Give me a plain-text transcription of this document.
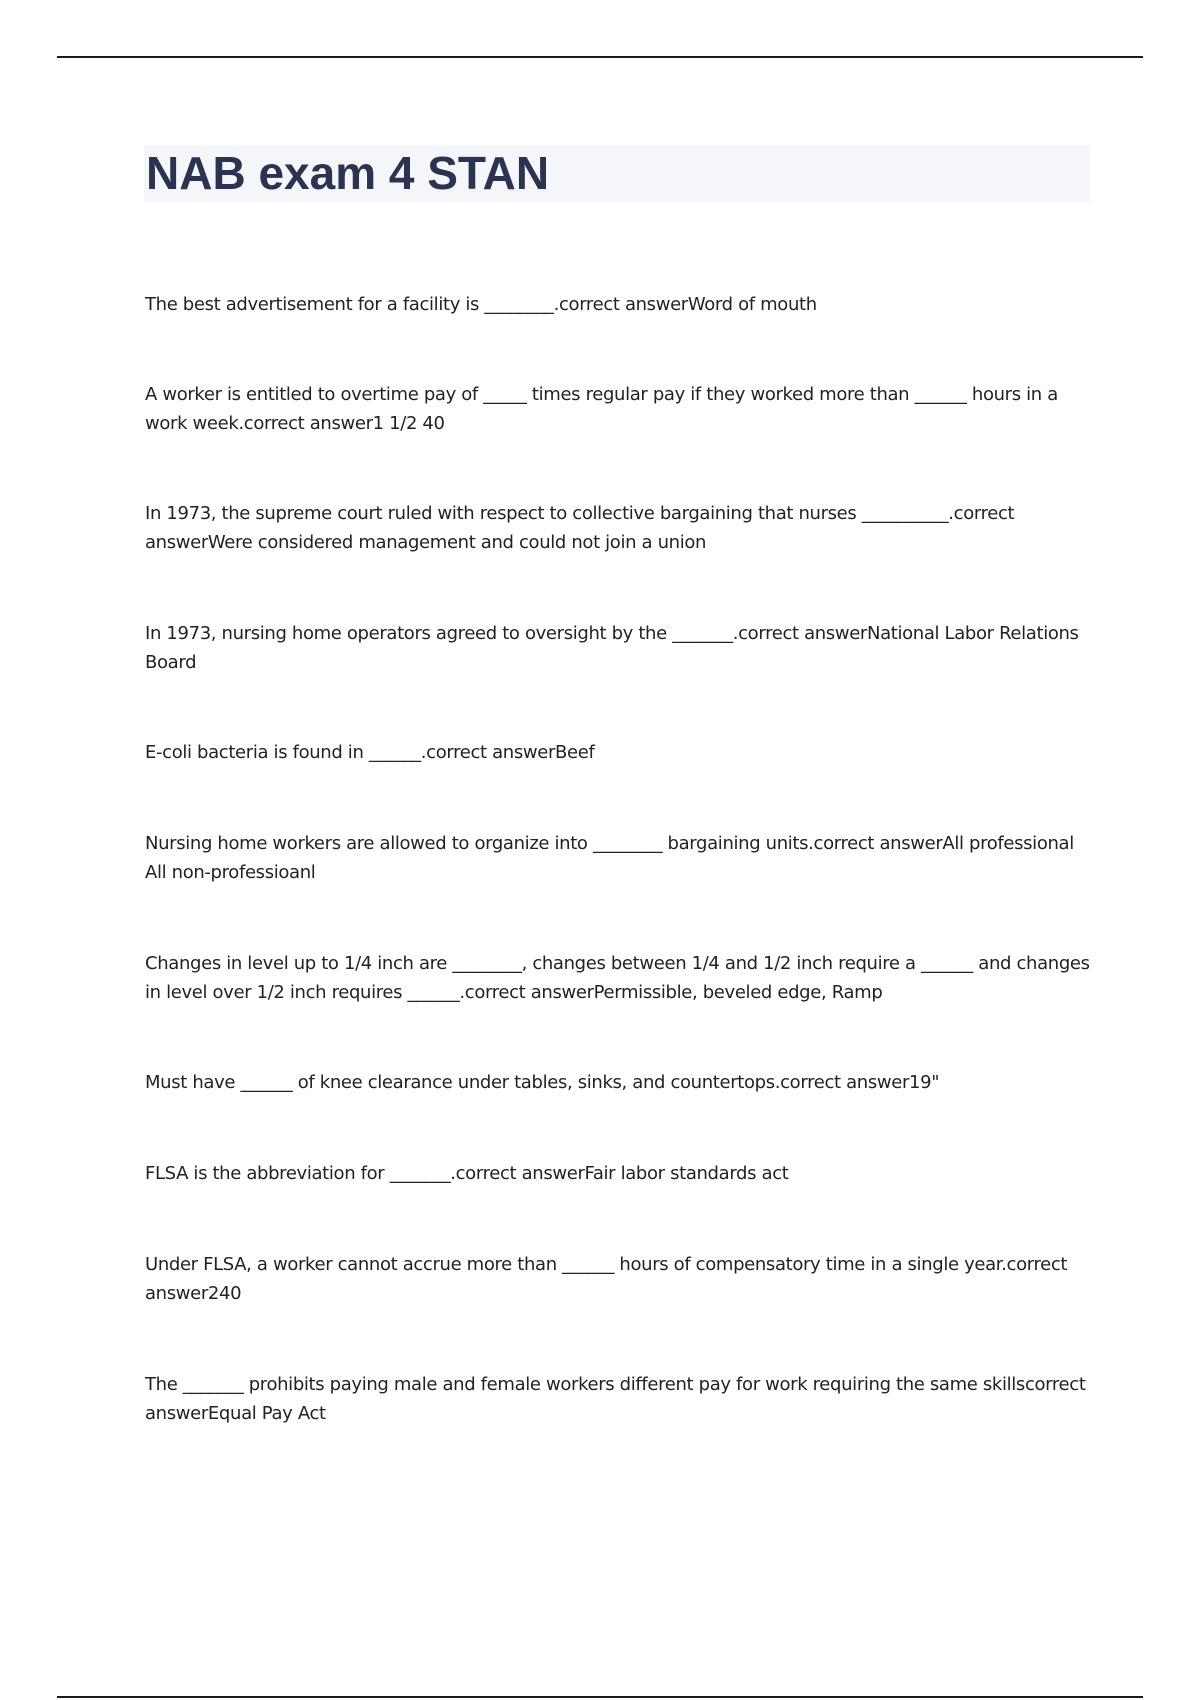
NAB exam 4 STAN

The best advertisement for a facility is ________.correct answerWord of mouth

A worker is entitled to overtime pay of _____ times regular pay if they worked more than ______ hours in a work week.correct answer1 1/2 40

In 1973, the supreme court ruled with respect to collective bargaining that nurses __________.correct answerWere considered management and could not join a union

In 1973, nursing home operators agreed to oversight by the _______.correct answerNational Labor Relations Board

E-coli bacteria is found in ______.correct answerBeef

Nursing home workers are allowed to organize into ________ bargaining units.correct answerAll professional All non-professioanl

Changes in level up to 1/4 inch are ________, changes between 1/4 and 1/2 inch require a ______ and changes in level over 1/2 inch requires ______.correct answerPermissible, beveled edge, Ramp

Must have ______ of knee clearance under tables, sinks, and countertops.correct answer19"

FLSA is the abbreviation for _______.correct answerFair labor standards act

Under FLSA, a worker cannot accrue more than ______ hours of compensatory time in a single year.correct answer240

The _______ prohibits paying male and female workers different pay for work requiring the same skillscorrect answerEqual Pay Act
